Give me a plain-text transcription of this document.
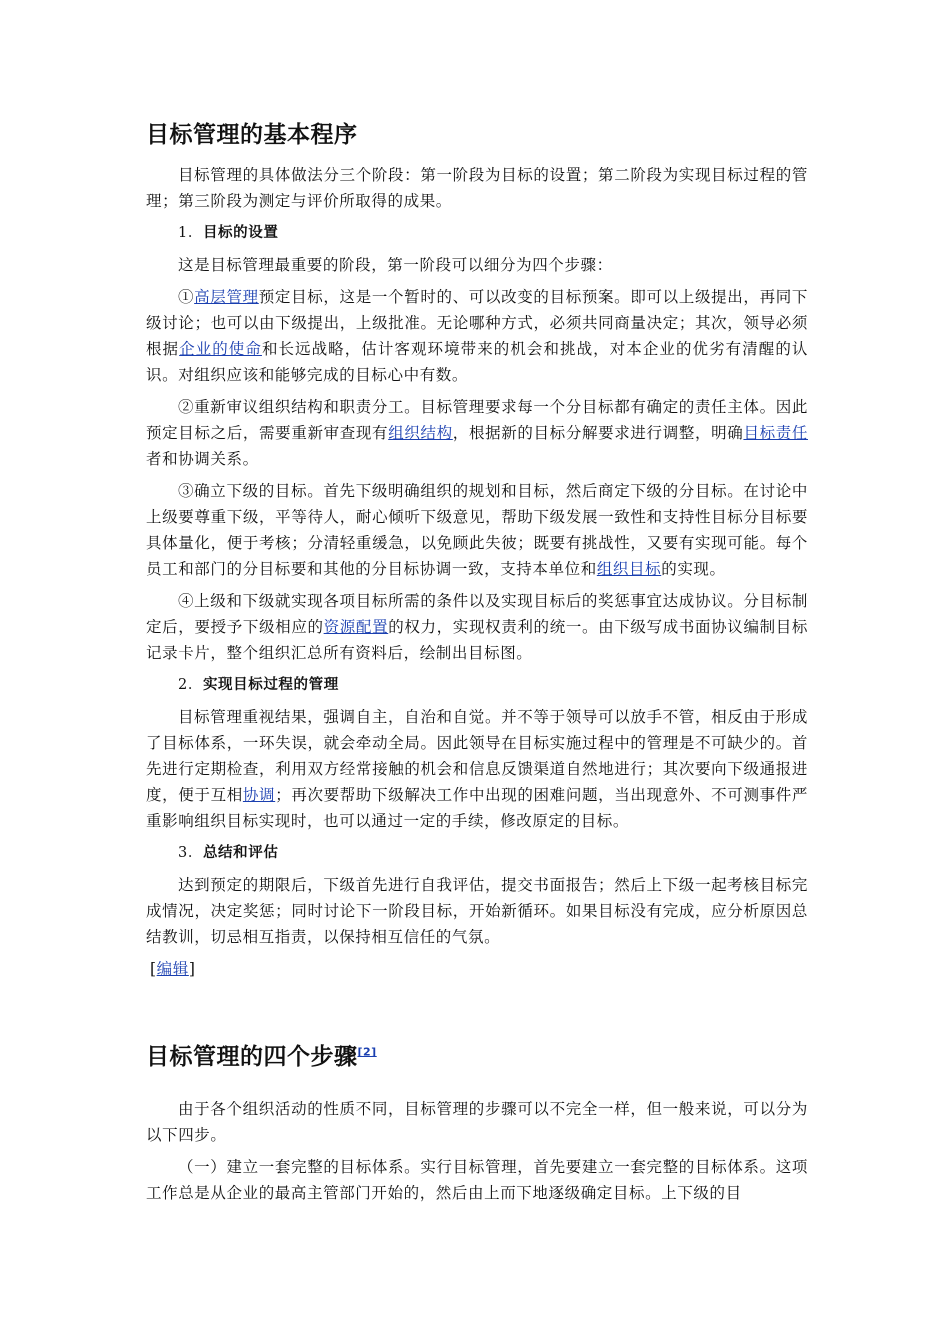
目标管理的基本程序

目标管理的具体做法分三个阶段：第一阶段为目标的设置；第二阶段为实现目标过程的管理；第三阶段为测定与评价所取得的成果。

1．目标的设置

这是目标管理最重要的阶段，第一阶段可以细分为四个步骤：

①高层管理预定目标，这是一个暂时的、可以改变的目标预案。即可以上级提出，再同下级讨论；也可以由下级提出，上级批准。无论哪种方式，必须共同商量决定；其次，领导必须根据企业的使命和长远战略，估计客观环境带来的机会和挑战，对本企业的优劣有清醒的认识。对组织应该和能够完成的目标心中有数。

②重新审议组织结构和职责分工。目标管理要求每一个分目标都有确定的责任主体。因此预定目标之后，需要重新审查现有组织结构，根据新的目标分解要求进行调整，明确目标责任者和协调关系。

③确立下级的目标。首先下级明确组织的规划和目标，然后商定下级的分目标。在讨论中上级要尊重下级，平等待人，耐心倾听下级意见，帮助下级发展一致性和支持性目标分目标要具体量化，便于考核；分清轻重缓急，以免顾此失彼；既要有挑战性，又要有实现可能。每个员工和部门的分目标要和其他的分目标协调一致，支持本单位和组织目标的实现。

④上级和下级就实现各项目标所需的条件以及实现目标后的奖惩事宜达成协议。分目标制定后，要授予下级相应的资源配置的权力，实现权责利的统一。由下级写成书面协议编制目标记录卡片，整个组织汇总所有资料后，绘制出目标图。

2．实现目标过程的管理

目标管理重视结果，强调自主，自治和自觉。并不等于领导可以放手不管，相反由于形成了目标体系，一环失误，就会牵动全局。因此领导在目标实施过程中的管理是不可缺少的。首先进行定期检查，利用双方经常接触的机会和信息反馈渠道自然地进行；其次要向下级通报进度，便于互相协调；再次要帮助下级解决工作中出现的困难问题，当出现意外、不可测事件严重影响组织目标实现时，也可以通过一定的手续，修改原定的目标。

3．总结和评估

达到预定的期限后，下级首先进行自我评估，提交书面报告；然后上下级一起考核目标完成情况，决定奖惩；同时讨论下一阶段目标，开始新循环。如果目标没有完成，应分析原因总结教训，切忌相互指责，以保持相互信任的气氛。

[编辑]

目标管理的四个步骤[2]

由于各个组织活动的性质不同，目标管理的步骤可以不完全一样，但一般来说，可以分为以下四步。

（一）建立一套完整的目标体系。实行目标管理，首先要建立一套完整的目标体系。这项工作总是从企业的最高主管部门开始的，然后由上而下地逐级确定目标。上下级的目
